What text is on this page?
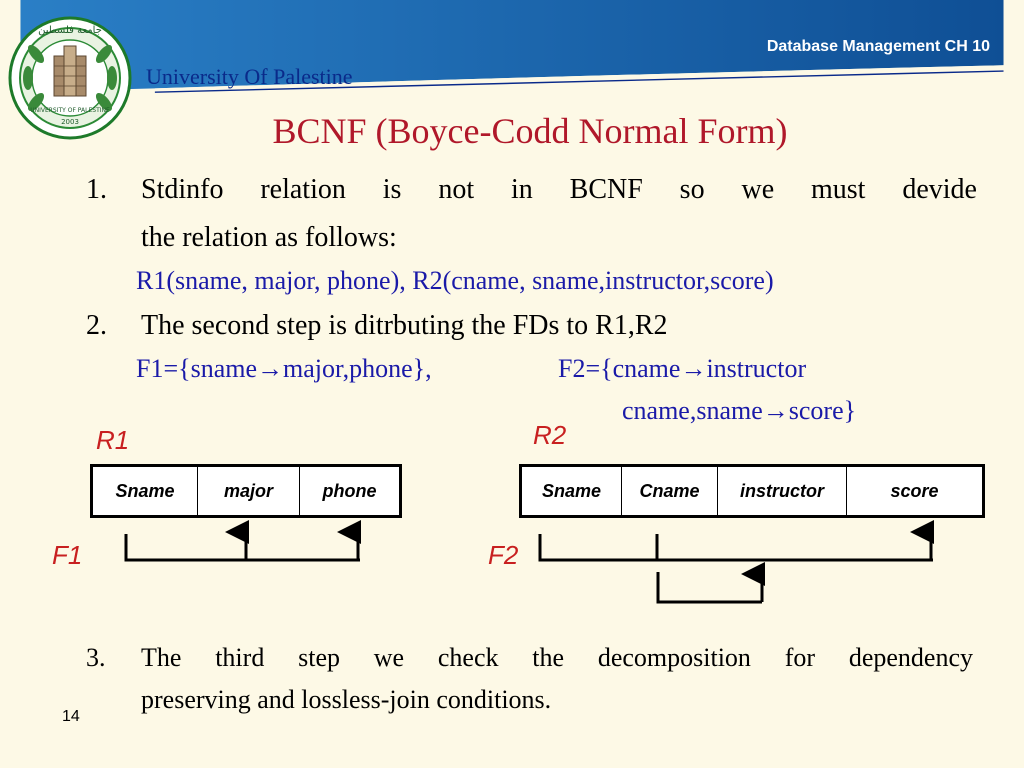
Database Management CH 10
University Of Palestine
جامعة فلسطين
UNIVERSITY OF PALESTINE
2003	BCNF (Boyce-Codd Normal Form)
1.	Stdinfo relation is not in BCNF so we must devide
the relation as follows:
R1(sname, major, phone), R2(cname, sname,instructor,score)
2.	The second step is ditrbuting the FDs to R1,R2
F1={sname→major,phone},	F2={cname→instructor
cname,sname→score}
R1
Sname	major	phone
F1
R2
Sname	Cname	instructor	score
F2
3. The third step we check the decomposition for dependency
preserving and lossless-join conditions.
14
